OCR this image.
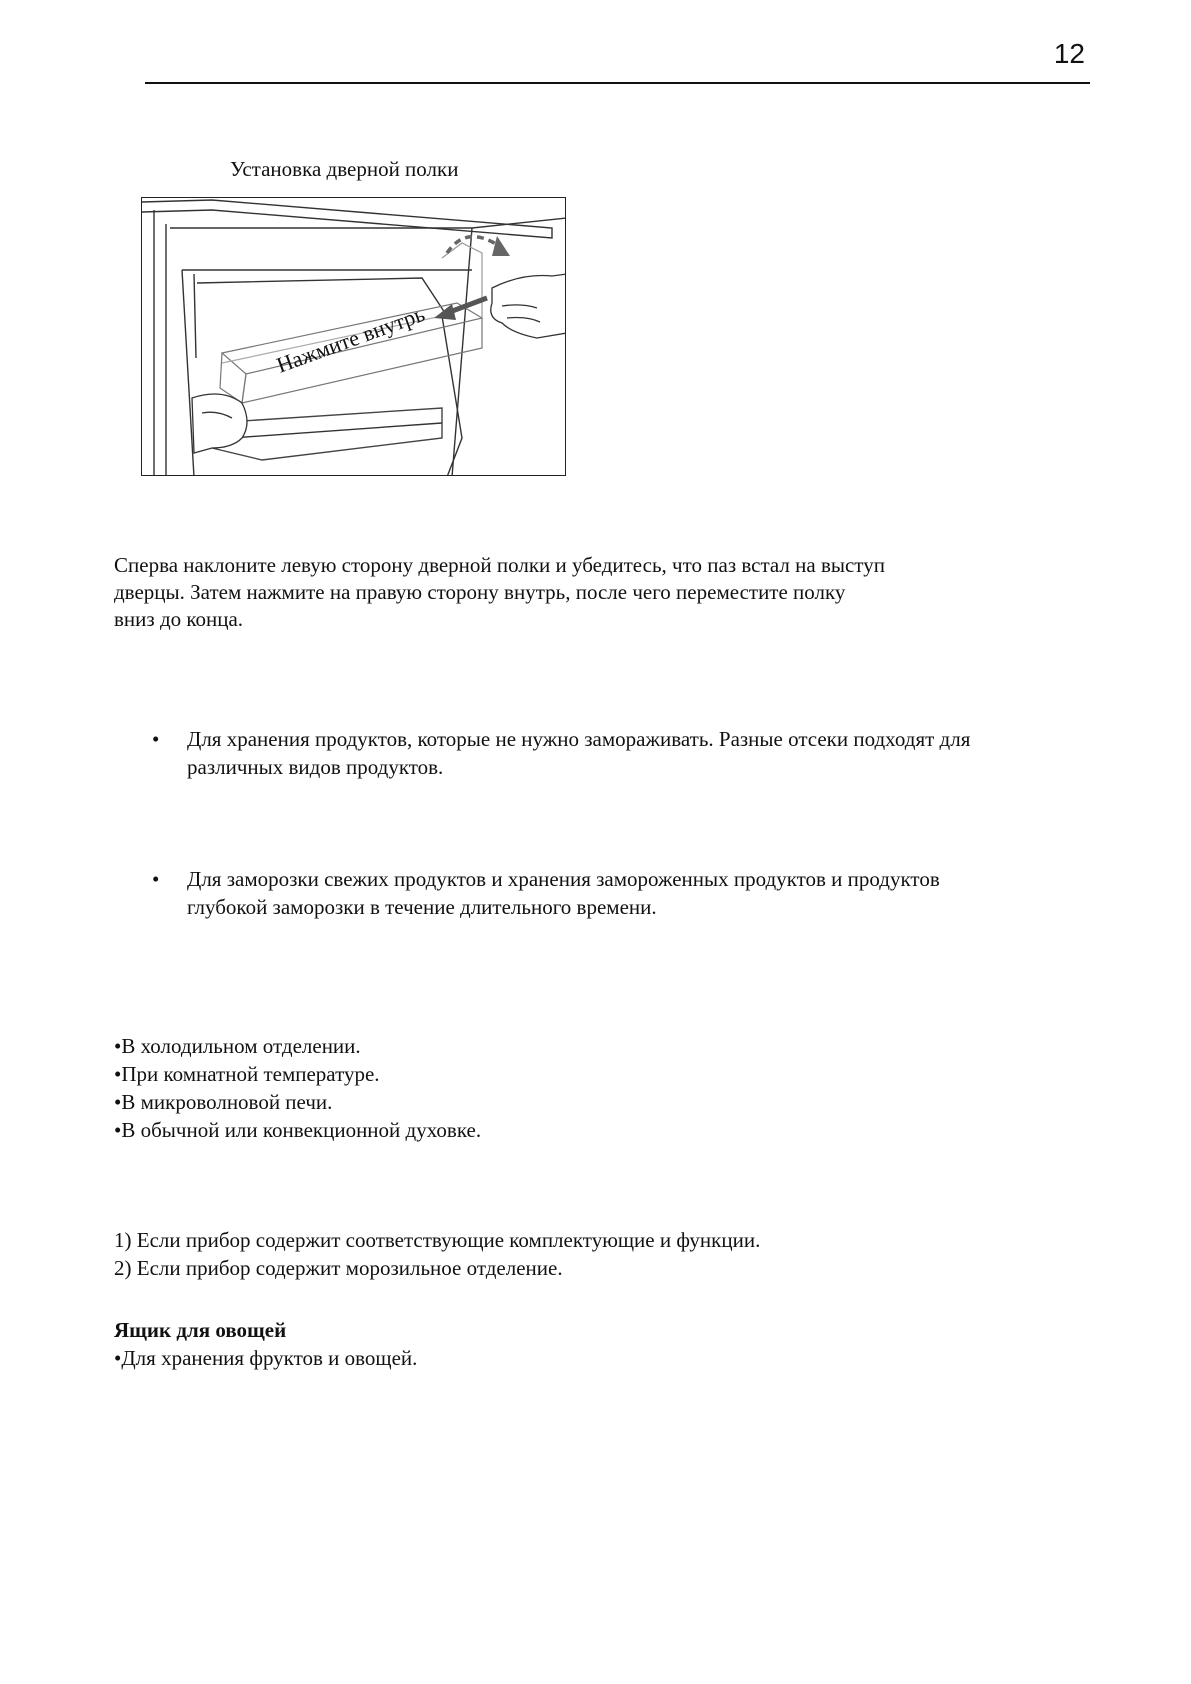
12
Установка дверной полки
Нажмите внутрь

Сперва наклоните левую сторону дверной полки и убедитесь, что паз встал на выступ

дверцы. Затем нажмите на правую сторону внутрь, после чего переместите полку

вниз до конца.

• Для хранения продуктов, которые не нужно замораживать. Разные отсеки подходят для
различных видов продуктов.
• Для заморозки свежих продуктов и хранения замороженных продуктов и продуктов
глубокой заморозки в течение длительного времени.
•В холодильном отделении.
•При комнатной температуре.
•В микроволновой печи.
•В обычной или конвекционной духовке.
1) Если прибор содержит соответствующие комплектующие и функции.
2) Если прибор содержит морозильное отделение.
Ящик для овощей
•Для хранения фруктов и овощей.
